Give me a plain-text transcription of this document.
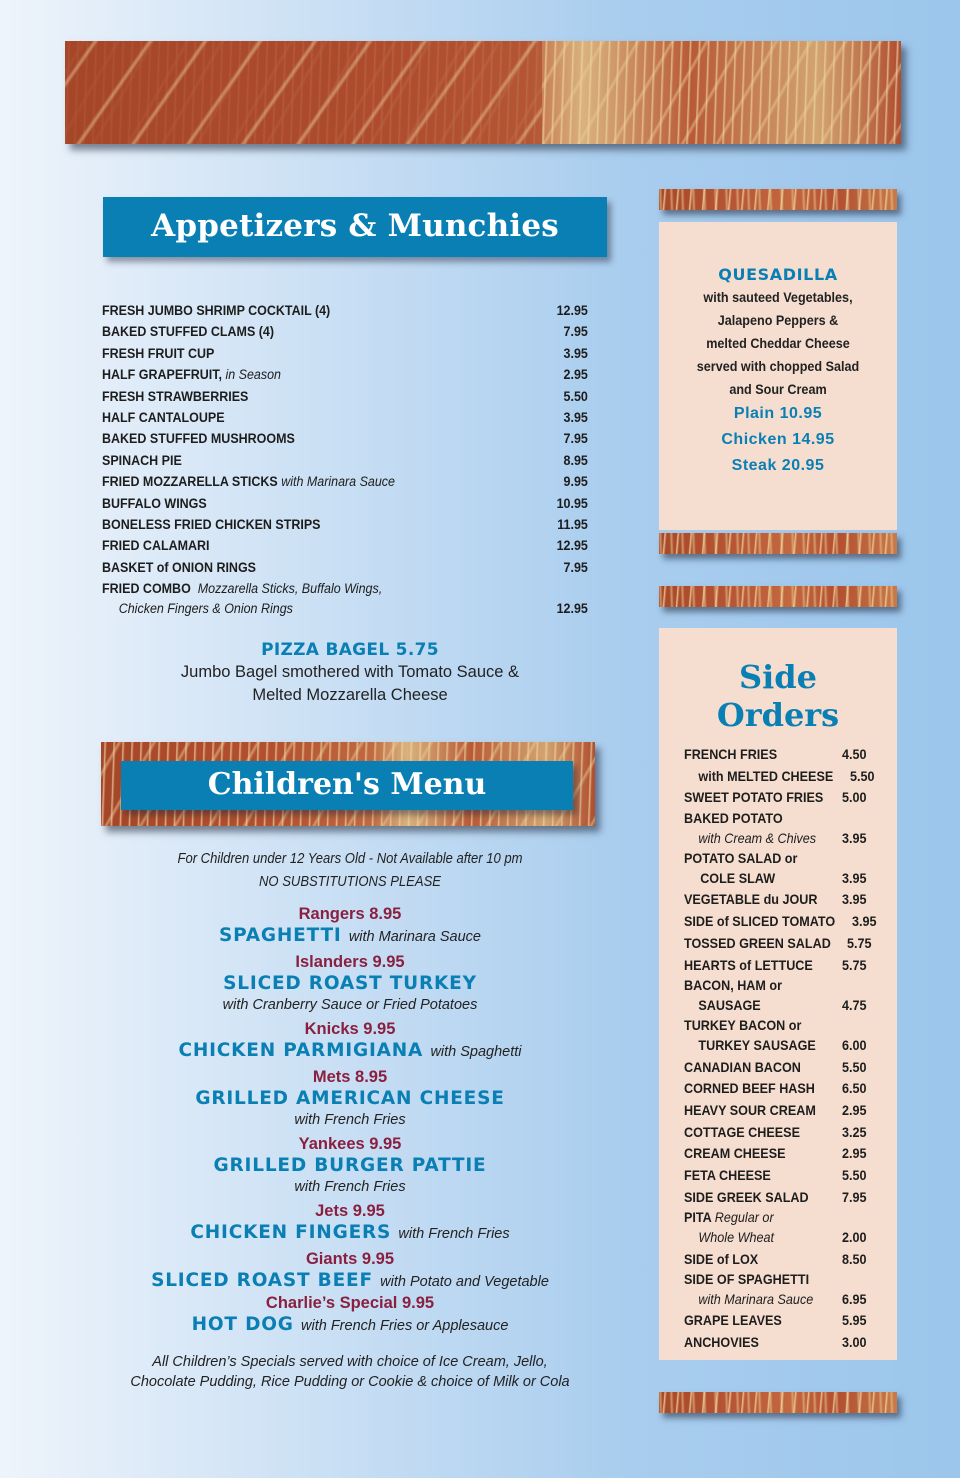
Appetizers & Munchies
FRESH JUMBO SHRIMP COCKTAIL (4)	12.95
BAKED STUFFED CLAMS (4)	7.95
FRESH FRUIT CUP	3.95
HALF GRAPEFRUIT, in Season	2.95
FRESH STRAWBERRIES	5.50
HALF CANTALOUPE	3.95
BAKED STUFFED MUSHROOMS	7.95
SPINACH PIE	8.95
FRIED MOZZARELLA STICKS with Marinara Sauce	9.95
BUFFALO WINGS	10.95
BONELESS FRIED CHICKEN STRIPS	11.95
FRIED CALAMARI	12.95
BASKET of ONION RINGS	7.95
FRIED COMBO
Mozzarella Sticks, Buffalo Wings,
Chicken Fingers & Onion Rings	12.95
PIZZA BAGEL 5.75
Jumbo Bagel smothered with Tomato Sauce &
Melted Mozzarella Cheese
Children's Menu
For Children under 12 Years Old - Not Available after 10 pm
NO SUBSTITUTIONS PLEASE
Rangers 8.95
SPAGHETTI with Marinara Sauce
Islanders 9.95
SLICED ROAST TURKEY
with Cranberry Sauce or Fried Potatoes
Knicks 9.95
CHICKEN PARMIGIANA with Spaghetti
Mets 8.95
GRILLED AMERICAN CHEESE
with French Fries
Yankees 9.95
GRILLED BURGER PATTIE
with French Fries
Jets 9.95
CHICKEN FINGERS with French Fries
Giants 9.95
SLICED ROAST BEEF with Potato and Vegetable
Charlie’s Special 9.95
HOT DOG with French Fries or Applesauce
All Children’s Specials served with choice of Ice Cream, Jello,
Chocolate Pudding, Rice Pudding or Cookie & choice of Milk or Cola
QUESADILLA
with sauteed Vegetables,
Jalapeno Peppers &
melted Cheddar Cheese
served with chopped Salad
and Sour Cream
Plain 10.95
Chicken 14.95
Steak 20.95
Side
Orders
FRENCH FRIES	4.50
with MELTED CHEESE 5.50
SWEET POTATO FRIES 5.00
BAKED POTATO
with Cream & Chives 3.95
POTATO SALAD or
COLE SLAW	3.95
VEGETABLE du JOUR 3.95
SIDE of SLICED TOMATO 3.95
TOSSED GREEN SALAD 5.75
HEARTS of LETTUCE 5.75
BACON, HAM or
SAUSAGE	4.75
TURKEY BACON or
TURKEY SAUSAGE 6.00
CANADIAN BACON	5.50
CORNED BEEF HASH 6.50
HEAVY SOUR CREAM 2.95
COTTAGE CHEESE	3.25
CREAM CHEESE	2.95
FETA CHEESE	5.50
SIDE GREEK SALAD 7.95
PITA Regular or
Whole Wheat	2.00
SIDE of LOX	8.50
SIDE OF SPAGHETTI
with Marinara Sauce 6.95
GRAPE LEAVES	5.95
ANCHOVIES	3.00
